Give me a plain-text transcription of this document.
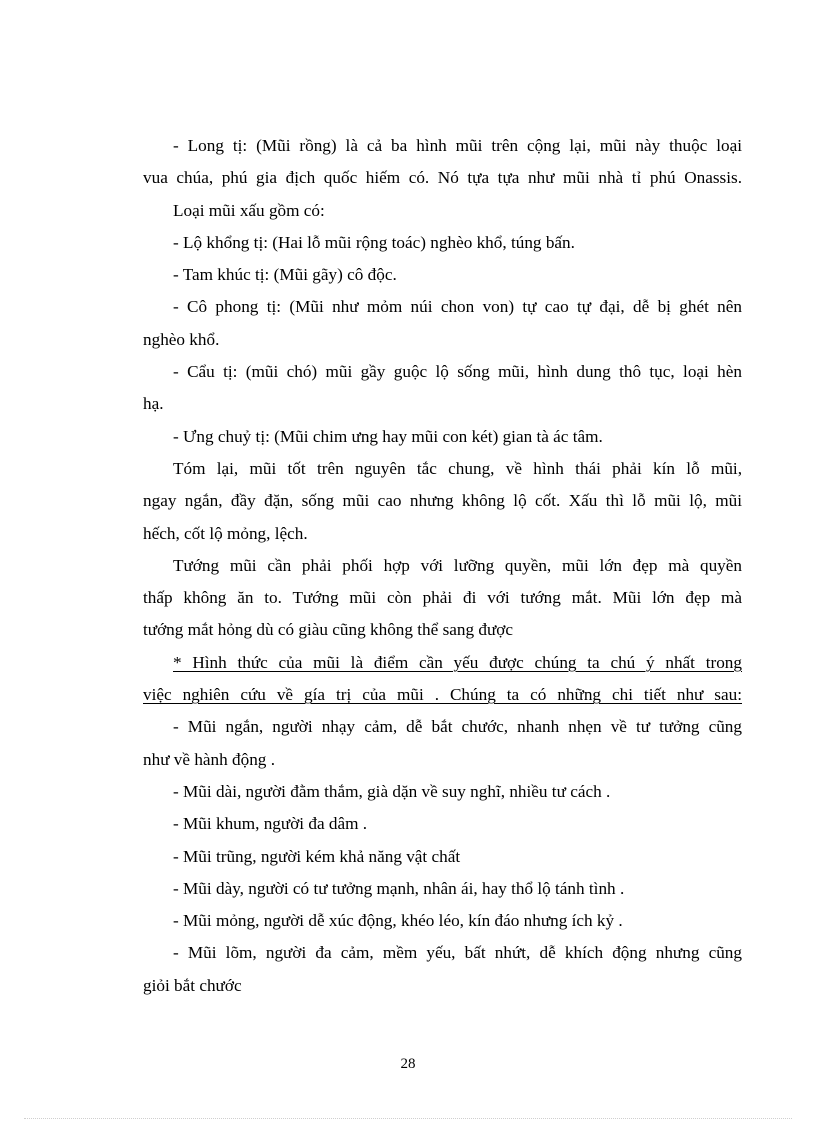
- Long tị: (Mũi rồng) là cả ba hình mũi trên cộng lại, mũi này thuộc loại
vua chúa, phú gia địch quốc hiếm có. Nó tựa tựa như mũi nhà tỉ phú Onassis.
Loại mũi xấu gồm có:
- Lộ khổng tị: (Hai lỗ mũi rộng toác) nghèo khổ, túng bấn.
- Tam khúc tị: (Mũi gãy) cô độc.
- Cô phong tị: (Mũi như mỏm núi chon von) tự cao tự đại, dễ bị ghét nên
nghèo khổ.
- Cẩu tị: (mũi chó) mũi gầy guộc lộ sống mũi, hình dung thô tục, loại hèn
hạ.
- Ưng chuỷ tị: (Mũi chim ưng hay mũi con két) gian tà ác tâm.
Tóm lại, mũi tốt trên nguyên tắc chung, về hình thái phải kín lỗ mũi,
ngay ngắn, đầy đặn, sống mũi cao nhưng không lộ cốt. Xấu thì lỗ mũi lộ, mũi
hếch, cốt lộ mỏng, lệch.
Tướng mũi cần phải phối hợp với lưỡng quyền, mũi lớn đẹp mà quyền
thấp không ăn to. Tướng mũi còn phải đi với tướng mắt. Mũi lớn đẹp mà
tướng mắt hỏng dù có giàu cũng không thể sang được
* Hình thức của mũi là điểm cần yếu được chúng ta chú ý nhất trong
việc nghiên cứu về gía trị của mũi . Chúng ta có những chi tiết như sau:
- Mũi ngắn, người nhạy cảm, dễ bắt chước, nhanh nhẹn về tư tưởng cũng
như về hành động .
- Mũi dài, người đằm thắm, già dặn về suy nghĩ, nhiều tư cách .
- Mũi khum, người đa dâm .
- Mũi trũng, người kém khả năng vật chất
- Mũi dày, người có tư tưởng mạnh, nhân ái, hay thổ lộ tánh tình .
- Mũi mỏng, người dễ xúc động, khéo léo, kín đáo nhưng ích kỷ .
- Mũi lõm, người đa cảm, mềm yếu, bất nhứt, dễ khích động nhưng cũng
giỏi bắt chước
28
